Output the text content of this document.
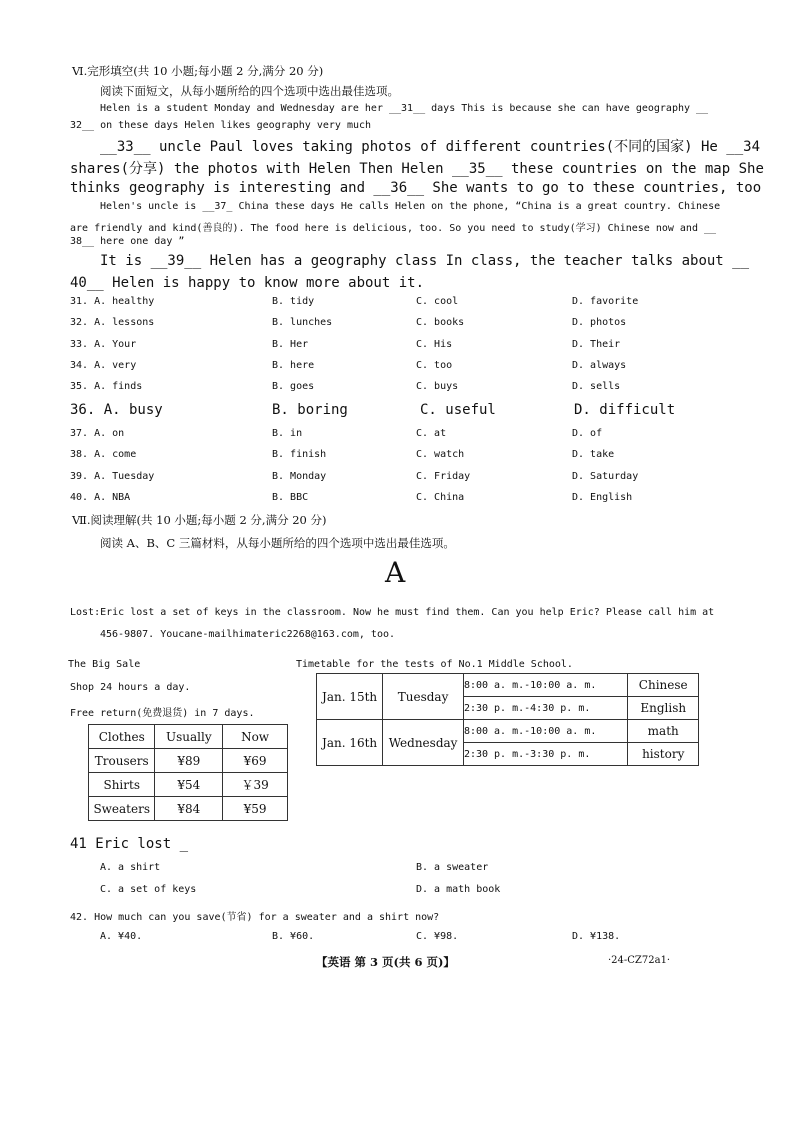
Ⅵ.完形填空(共 10 小题;每小题 2 分,满分 20 分)
阅读下面短文，从每小题所给的四个选项中选出最佳选项。
Helen is a student Monday and Wednesday are her __31__ days This is because she can have geography __
32__ on these days Helen likes geography very much
__33__ uncle Paul loves taking photos of different countries(不同的国家) He __34
shares(分享) the photos with Helen Then Helen __35__ these countries on the map She
thinks geography is interesting and __36__ She wants to go to these countries, too
Helen's uncle is __37_ China these days He calls Helen on the phone, “China is a great country. Chinese
are friendly and kind(善良的). The food here is delicious, too. So you need to study(学习) Chinese now and __
38__ here one day ”
It is __39__ Helen has a geography class In class, the teacher talks about __
40__ Helen is happy to know more about it.
31. A. healthy	B. tidy	C. cool	D. favorite
32. A. lessons	B. lunches	C. books	D. photos
33. A. Your	B. Her	C. His	D. Their
34. A. very	B. here	C. too	D. always
35. A. finds	B. goes	C. buys	D. sells
36. A. busy	B. boring	C. useful	D. difficult
37. A. on	B. in	C. at	D. of
38. A. come	B. finish	C. watch	D. take
39. A. Tuesday	B. Monday	C. Friday	D. Saturday
40. A. NBA	B. BBC	C. China	D. English
Ⅶ.阅读理解(共 10 小题;每小题 2 分,满分 20 分)
阅读 A、B、C 三篇材料，从每小题所给的四个选项中选出最佳选项。
A
Lost:Eric lost a set of keys in the classroom. Now he must find them. Can you help Eric? Please call him at
456-9807. Youcane-mailhimateric2268@163.com, too.
The Big Sale
Shop 24 hours a day.
Free return(免费退货) in 7 days.
Clothes	Usually	Now
Trousers	¥89	¥69
Shirts	¥54	￥39
Sweaters	¥84	¥59
Timetable for the tests of No.1 Middle School.
Jan. 15th	Tuesday	8:00 a. m.-10:00 a. m.	Chinese
		2:30 p. m.-4:30 p. m.	English
Jan. 16th	Wednesday	8:00 a. m.-10:00 a. m.	math
		2:30 p. m.-3:30 p. m.	history
41 Eric lost _
A. a shirt	B. a sweater
C. a set of keys	D. a math book
42. How much can you save(节省) for a sweater and a shirt now?
A. ¥40.	B. ¥60.	C. ¥98.	D. ¥138.
【英语 第 3 页(共 6 页)】	·24-CZ72a1·
